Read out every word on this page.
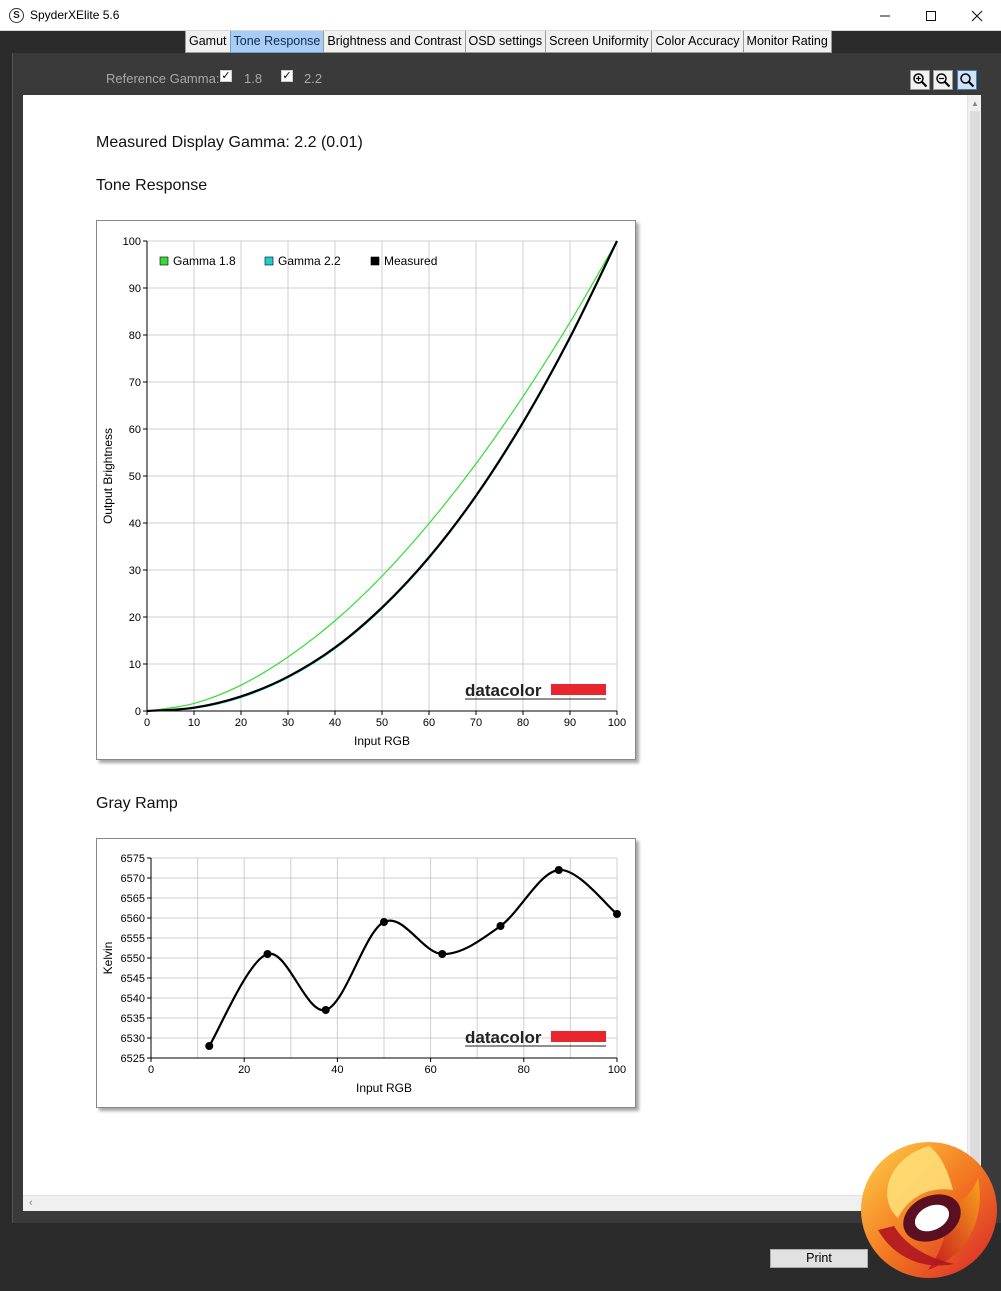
S SpyderXElite 5.6
Gamut Tone Response Brightness and Contrast OSD settings Screen Uniformity Color Accuracy Monitor Rating
Reference Gamma: ✓ 1.8 ✓ 2.2
Measured Display Gamma: 2.2 (0.01)
Tone Response
0	10	20	30	40	50	60	70	80	90	100
0
10
20
30
40
50
60
70
80
90
100
Input RGB
Output Brightness
Gamma 1.8	Gamma 2.2	Measured
datacolor
Gray Ramp
0	20	40	60	80	100
6525
6530
6535
6540
6545
6550
6555
6560
6565
6570
6575
Input RGB
Kelvin
datacolor
▲
‹
Print
